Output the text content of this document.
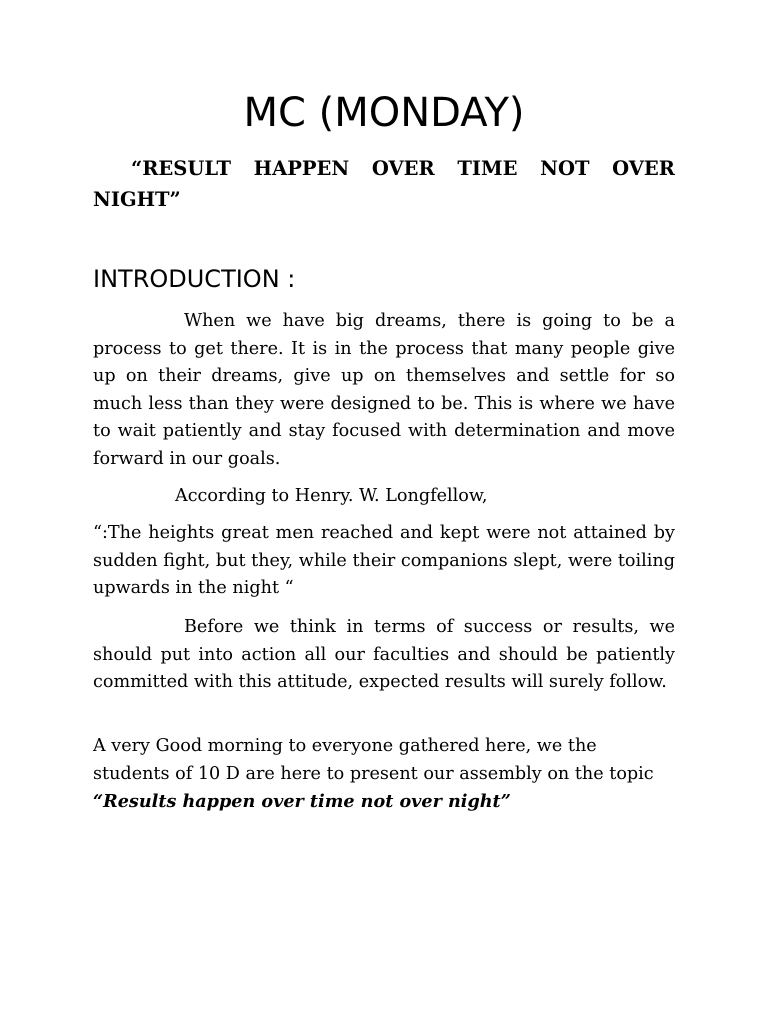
MC (MONDAY)

“RESULT HAPPEN OVER TIME NOT OVER NIGHT”

INTRODUCTION :

When we have big dreams, there is going to be a process to get there. It is in the process that many people give up on their dreams, give up on themselves and settle for so much less than they were designed to be. This is where we have to wait patiently and stay focused with determination and move forward in our goals.

According to Henry. W. Longfellow,

“:The heights great men reached and kept were not attained by sudden fight, but they, while their companions slept, were toiling upwards in the night “

Before we think in terms of success or results, we should put into action all our faculties and should be patiently committed with this attitude, expected results will surely follow.

A very Good morning to everyone gathered here, we the students of 10 D are here to present our assembly on the topic “Results happen over time not over night”
